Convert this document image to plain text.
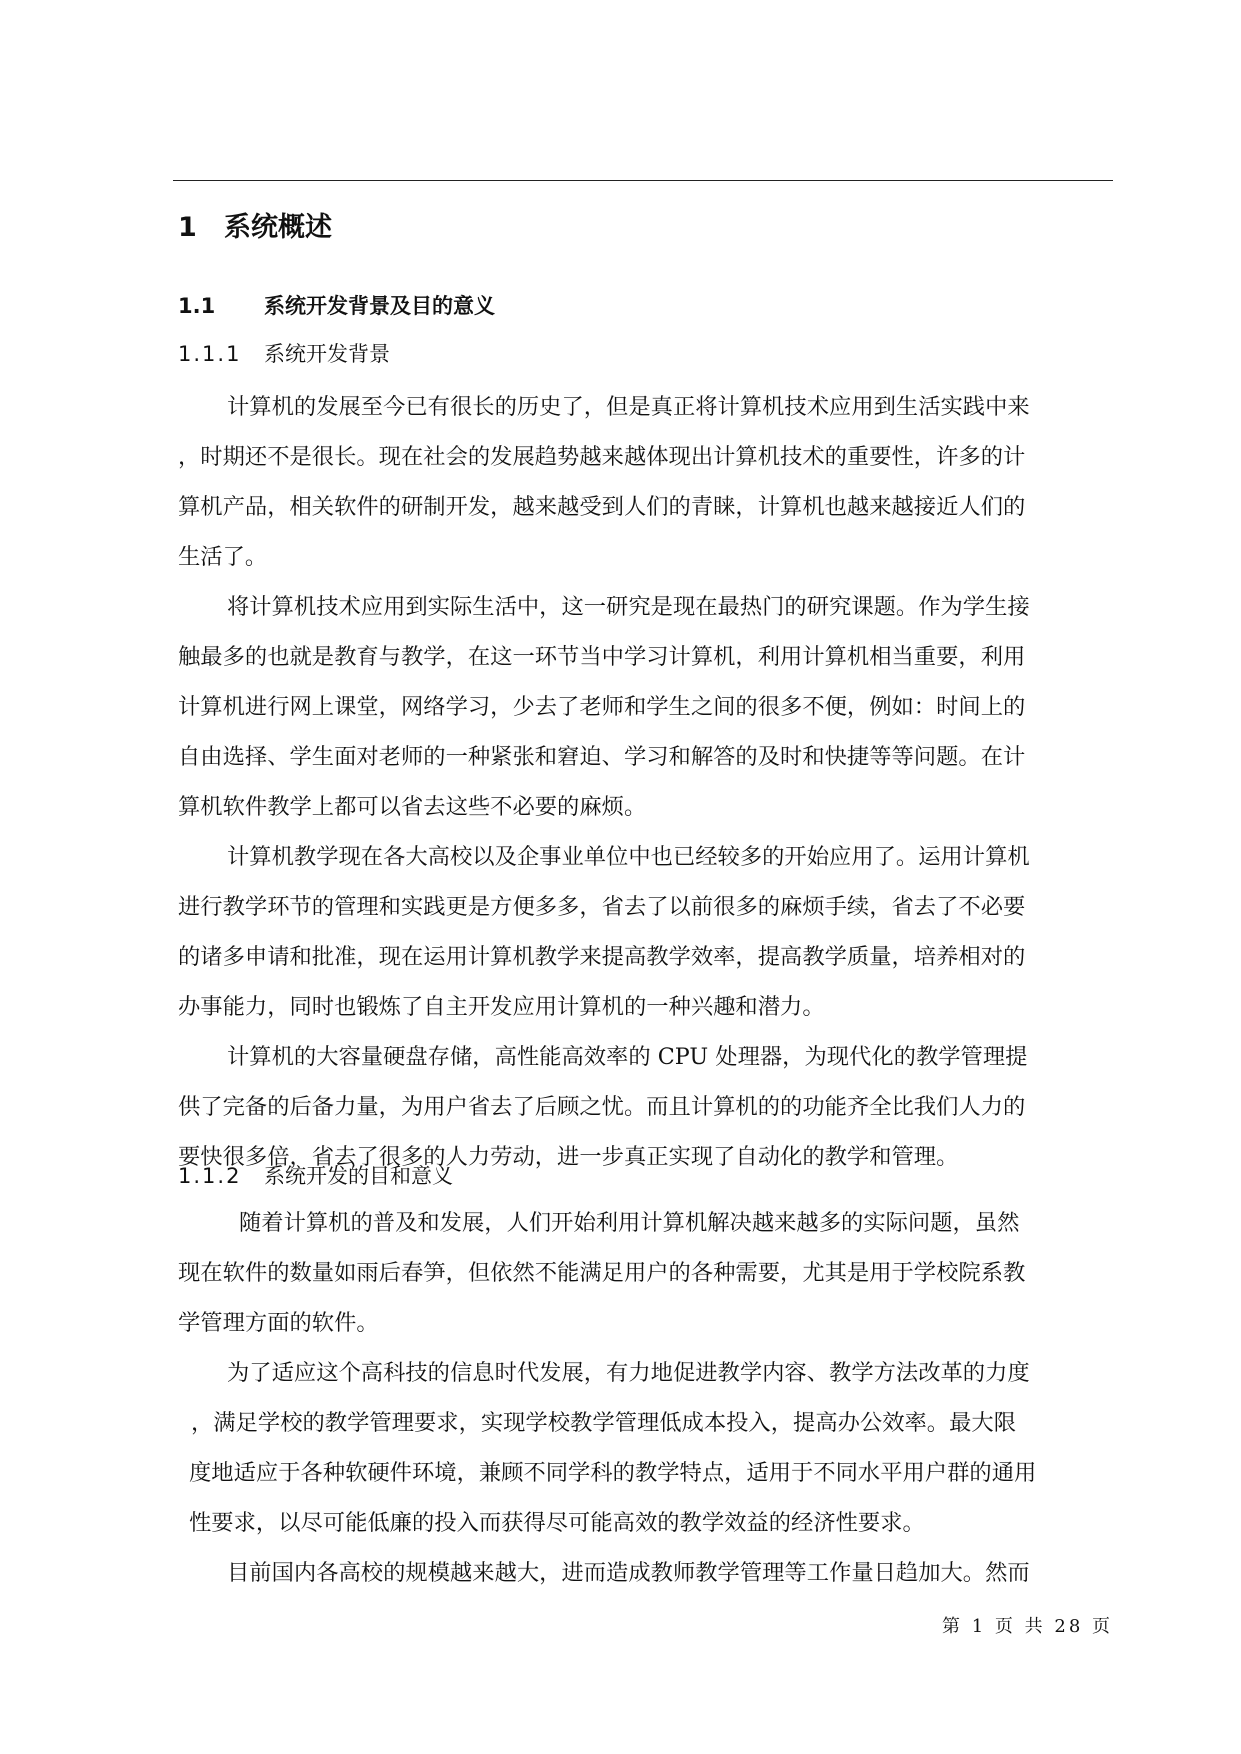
1 系统概述
1.1 系统开发背景及目的意义
1.1.1 系统开发背景
计算机的发展至今已有很长的历史了，但是真正将计算机技术应用到生活实践中来
，时期还不是很长。现在社会的发展趋势越来越体现出计算机技术的重要性，许多的计
算机产品，相关软件的研制开发，越来越受到人们的青睐，计算机也越来越接近人们的
生活了。
将计算机技术应用到实际生活中，这一研究是现在最热门的研究课题。作为学生接
触最多的也就是教育与教学，在这一环节当中学习计算机，利用计算机相当重要，利用
计算机进行网上课堂，网络学习，少去了老师和学生之间的很多不便，例如：时间上的
自由选择、学生面对老师的一种紧张和窘迫、学习和解答的及时和快捷等等问题。在计
算机软件教学上都可以省去这些不必要的麻烦。
计算机教学现在各大高校以及企事业单位中也已经较多的开始应用了。运用计算机
进行教学环节的管理和实践更是方便多多，省去了以前很多的麻烦手续，省去了不必要
的诸多申请和批准，现在运用计算机教学来提高教学效率，提高教学质量，培养相对的
办事能力，同时也锻炼了自主开发应用计算机的一种兴趣和潜力。
计算机的大容量硬盘存储，高性能高效率的 CPU 处理器，为现代化的教学管理提
供了完备的后备力量，为用户省去了后顾之忧。而且计算机的的功能齐全比我们人力的
要快很多倍，省去了很多的人力劳动，进一步真正实现了自动化的教学和管理。
1.1.2 系统开发的目和意义
随着计算机的普及和发展，人们开始利用计算机解决越来越多的实际问题，虽然
现在软件的数量如雨后春笋，但依然不能满足用户的各种需要，尤其是用于学校院系教
学管理方面的软件。
为了适应这个高科技的信息时代发展，有力地促进教学内容、教学方法改革的力度
，满足学校的教学管理要求，实现学校教学管理低成本投入，提高办公效率。最大限
度地适应于各种软硬件环境，兼顾不同学科的教学特点，适用于不同水平用户群的通用
性要求，以尽可能低廉的投入而获得尽可能高效的教学效益的经济性要求。
目前国内各高校的规模越来越大，进而造成教师教学管理等工作量日趋加大。然而
第 1 页 共 28 页
